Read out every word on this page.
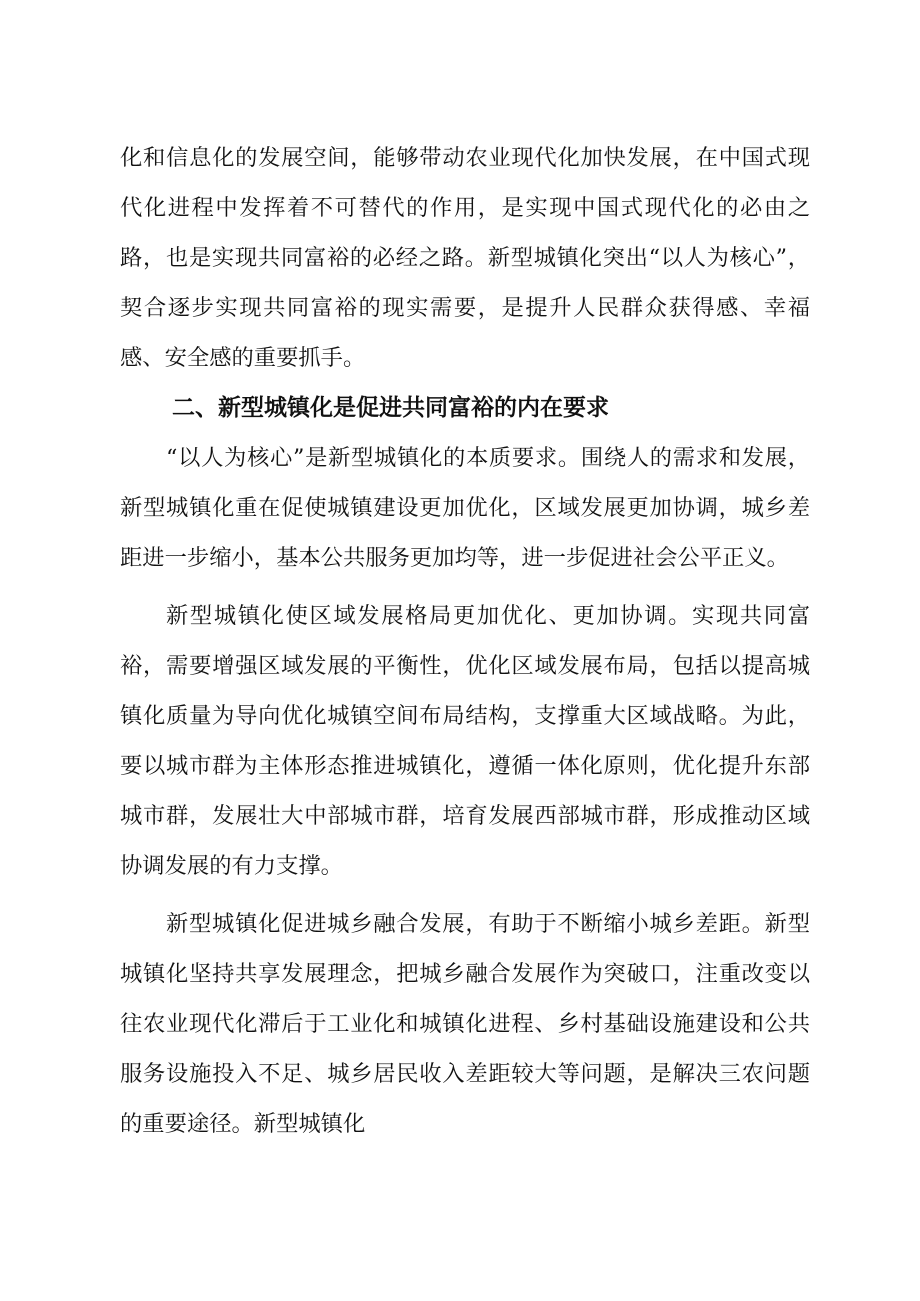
化和信息化的发展空间，能够带动农业现代化加快发展，在中国式现代化进程中发挥着不可替代的作用，是实现中国式现代化的必由之路，也是实现共同富裕的必经之路。新型城镇化突出“以人为核心”，契合逐步实现共同富裕的现实需要，是提升人民群众获得感、幸福感、安全感的重要抓手。

二、新型城镇化是促进共同富裕的内在要求

“以人为核心”是新型城镇化的本质要求。围绕人的需求和发展，新型城镇化重在促使城镇建设更加优化，区域发展更加协调，城乡差距进一步缩小，基本公共服务更加均等，进一步促进社会公平正义。

新型城镇化使区域发展格局更加优化、更加协调。实现共同富裕，需要增强区域发展的平衡性，优化区域发展布局，包括以提高城镇化质量为导向优化城镇空间布局结构，支撑重大区域战略。为此，要以城市群为主体形态推进城镇化，遵循一体化原则，优化提升东部城市群，发展壮大中部城市群，培育发展西部城市群，形成推动区域协调发展的有力支撑。

新型城镇化促进城乡融合发展，有助于不断缩小城乡差距。新型城镇化坚持共享发展理念，把城乡融合发展作为突破口，注重改变以往农业现代化滞后于工业化和城镇化进程、乡村基础设施建设和公共服务设施投入不足、城乡居民收入差距较大等问题，是解决三农问题的重要途径。新型城镇化
